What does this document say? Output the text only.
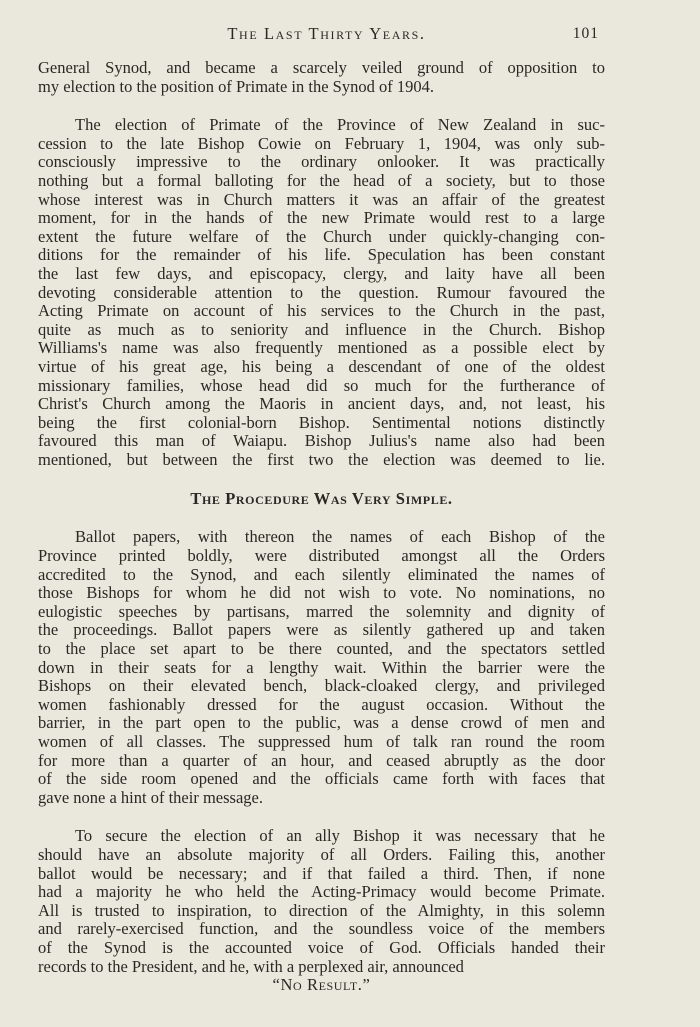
The Last Thirty Years.	101

General Synod, and became a scarcely veiled ground of opposition to
my election to the position of Primate in the Synod of 1904.

The election of Primate of the Province of New Zealand in suc-
cession to the late Bishop Cowie on February 1, 1904, was only sub-
consciously impressive to the ordinary onlooker. It was practically
nothing but a formal balloting for the head of a society, but to those
whose interest was in Church matters it was an affair of the greatest
moment, for in the hands of the new Primate would rest to a large
extent the future welfare of the Church under quickly-changing con-
ditions for the remainder of his life. Speculation has been constant
the last few days, and episcopacy, clergy, and laity have all been
devoting considerable attention to the question. Rumour favoured the
Acting Primate on account of his services to the Church in the past,
quite as much as to seniority and influence in the Church. Bishop
Williams's name was also frequently mentioned as a possible elect by
virtue of his great age, his being a descendant of one of the oldest
missionary families, whose head did so much for the furtherance of
Christ's Church among the Maoris in ancient days, and, not least, his
being the first colonial-born Bishop. Sentimental notions distinctly
favoured this man of Waiapu. Bishop Julius's name also had been
mentioned, but between the first two the election was deemed to lie.

The Procedure Was Very Simple.

Ballot papers, with thereon the names of each Bishop of the
Province printed boldly, were distributed amongst all the Orders
accredited to the Synod, and each silently eliminated the names of
those Bishops for whom he did not wish to vote. No nominations, no
eulogistic speeches by partisans, marred the solemnity and dignity of
the proceedings. Ballot papers were as silently gathered up and taken
to the place set apart to be there counted, and the spectators settled
down in their seats for a lengthy wait. Within the barrier were the
Bishops on their elevated bench, black-cloaked clergy, and privileged
women fashionably dressed for the august occasion. Without the
barrier, in the part open to the public, was a dense crowd of men and
women of all classes. The suppressed hum of talk ran round the room
for more than a quarter of an hour, and ceased abruptly as the door
of the side room opened and the officials came forth with faces that
gave none a hint of their message.

To secure the election of an ally Bishop it was necessary that he
should have an absolute majority of all Orders. Failing this, another
ballot would be necessary; and if that failed a third. Then, if none
had a majority he who held the Acting-Primacy would become Primate.
All is trusted to inspiration, to direction of the Almighty, in this solemn
and rarely-exercised function, and the soundless voice of the members
of the Synod is the accounted voice of God. Officials handed their
records to the President, and he, with a perplexed air, announced

“No Result.”
